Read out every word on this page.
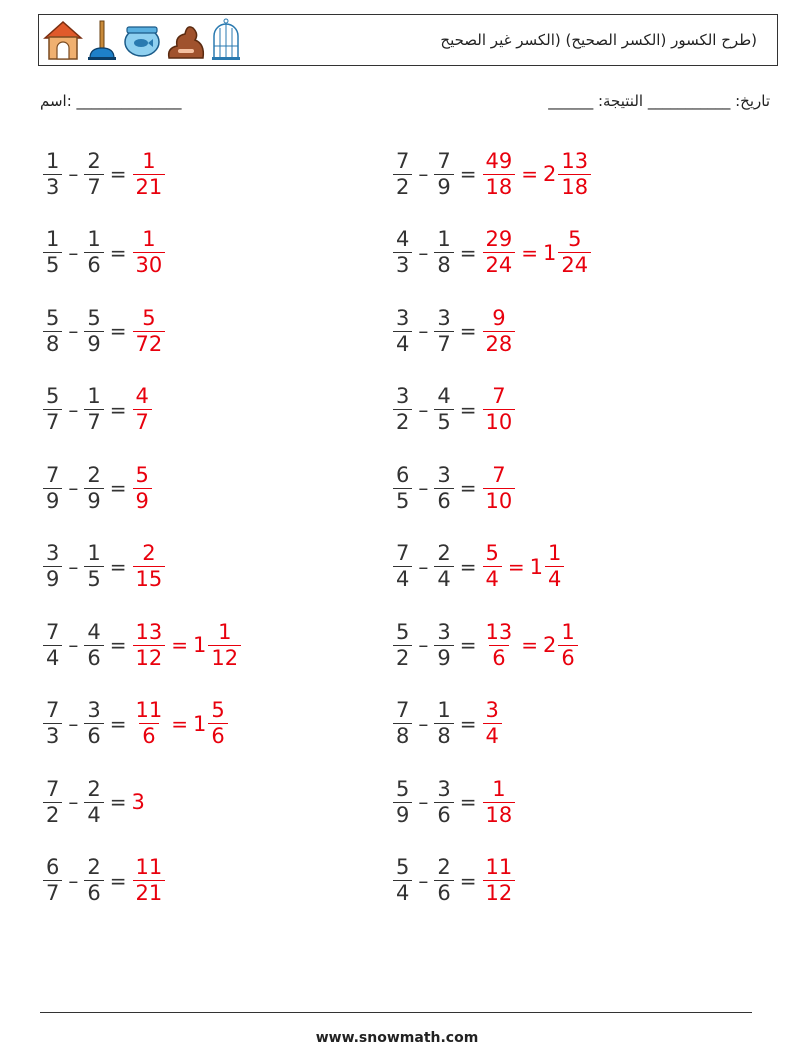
(طرح الكسور (الكسر الصحيح) (الكسر غير الصحيح
اسم: ______________	______ :تاريخ: ___________ النتيجة
$\frac{1}{3} - \frac{2}{7} = \frac{1}{21}$
$\frac{1}{5} - \frac{1}{6} = \frac{1}{30}$
$\frac{5}{8} - \frac{5}{9} = \frac{5}{72}$
$\frac{5}{7} - \frac{1}{7} = \frac{4}{7}$
$\frac{7}{9} - \frac{2}{9} = \frac{5}{9}$
$\frac{3}{9} - \frac{1}{5} = \frac{2}{15}$
$\frac{7}{4} - \frac{4}{6} = \frac{13}{12} = 1 \frac{1}{12}$
$\frac{7}{3} - \frac{3}{6} = \frac{11}{6} = 1 \frac{5}{6}$
$\frac{7}{2} - \frac{2}{4} = 3$
$\frac{6}{7} - \frac{2}{6} = \frac{11}{21}$
$\frac{7}{2} - \frac{7}{9} = \frac{49}{18} = 2 \frac{13}{18}$
$\frac{4}{3} - \frac{1}{8} = \frac{29}{24} = 1 \frac{5}{24}$
$\frac{3}{4} - \frac{3}{7} = \frac{9}{28}$
$\frac{3}{2} - \frac{4}{5} = \frac{7}{10}$
$\frac{6}{5} - \frac{3}{6} = \frac{7}{10}$
$\frac{7}{4} - \frac{2}{4} = \frac{5}{4} = 1 \frac{1}{4}$
$\frac{5}{2} - \frac{3}{9} = \frac{13}{6} = 2 \frac{1}{6}$
$\frac{7}{8} - \frac{1}{8} = \frac{3}{4}$
$\frac{5}{9} - \frac{3}{6} = \frac{1}{18}$
$\frac{5}{4} - \frac{2}{6} = \frac{11}{12}$
www.snowmath.com
